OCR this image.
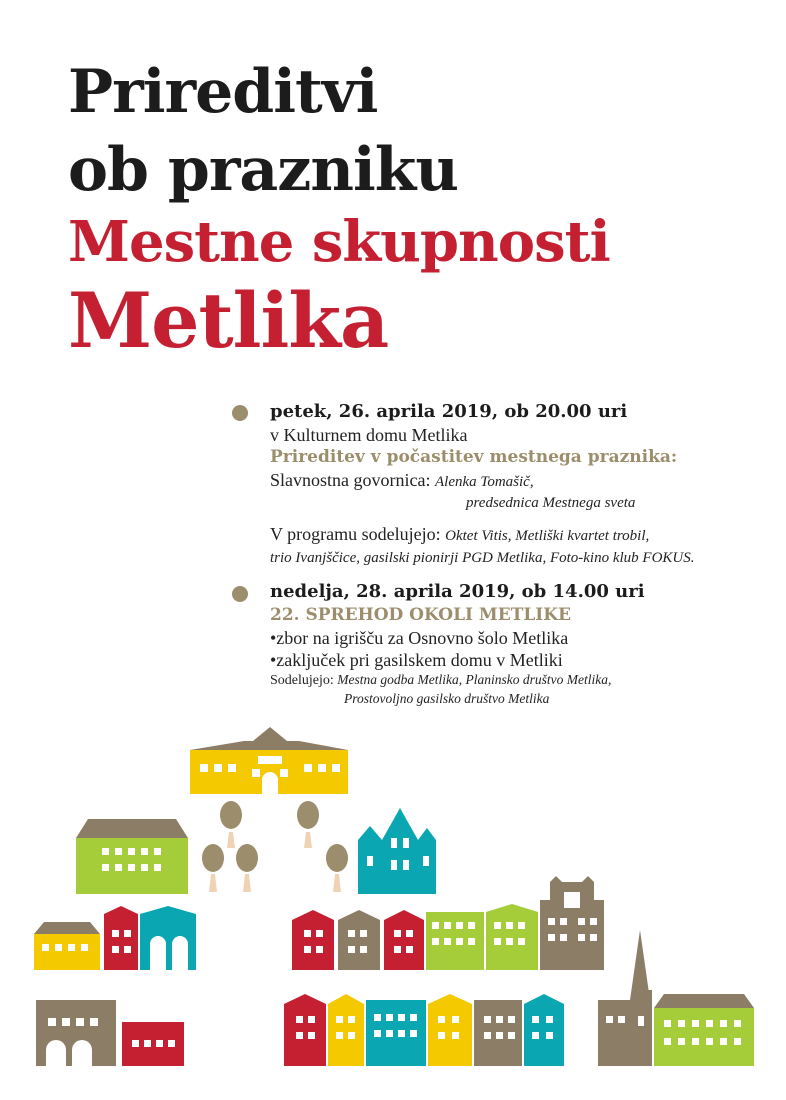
Prireditvi
ob prazniku
Mestne skupnosti
Metlika
petek, 26. aprila 2019, ob 20.00 uri
v Kulturnem domu Metlika
Prireditev v počastitev mestnega praznika:
Slavnostna govornica: Alenka Tomašič,
predsednica Mestnega sveta
V programu sodelujejo: Oktet Vitis, Metliški kvartet trobil,
trio Ivanjščice, gasilski pionirji PGD Metlika, Foto-kino klub FOKUS.
nedelja, 28. aprila 2019, ob 14.00 uri
22. SPREHOD OKOLI METLIKE
•zbor na igrišču za Osnovno šolo Metlika
•zaključek pri gasilskem domu v Metliki
Sodelujejo: Mestna godba Metlika, Planinsko društvo Metlika,
Prostovoljno gasilsko društvo Metlika
